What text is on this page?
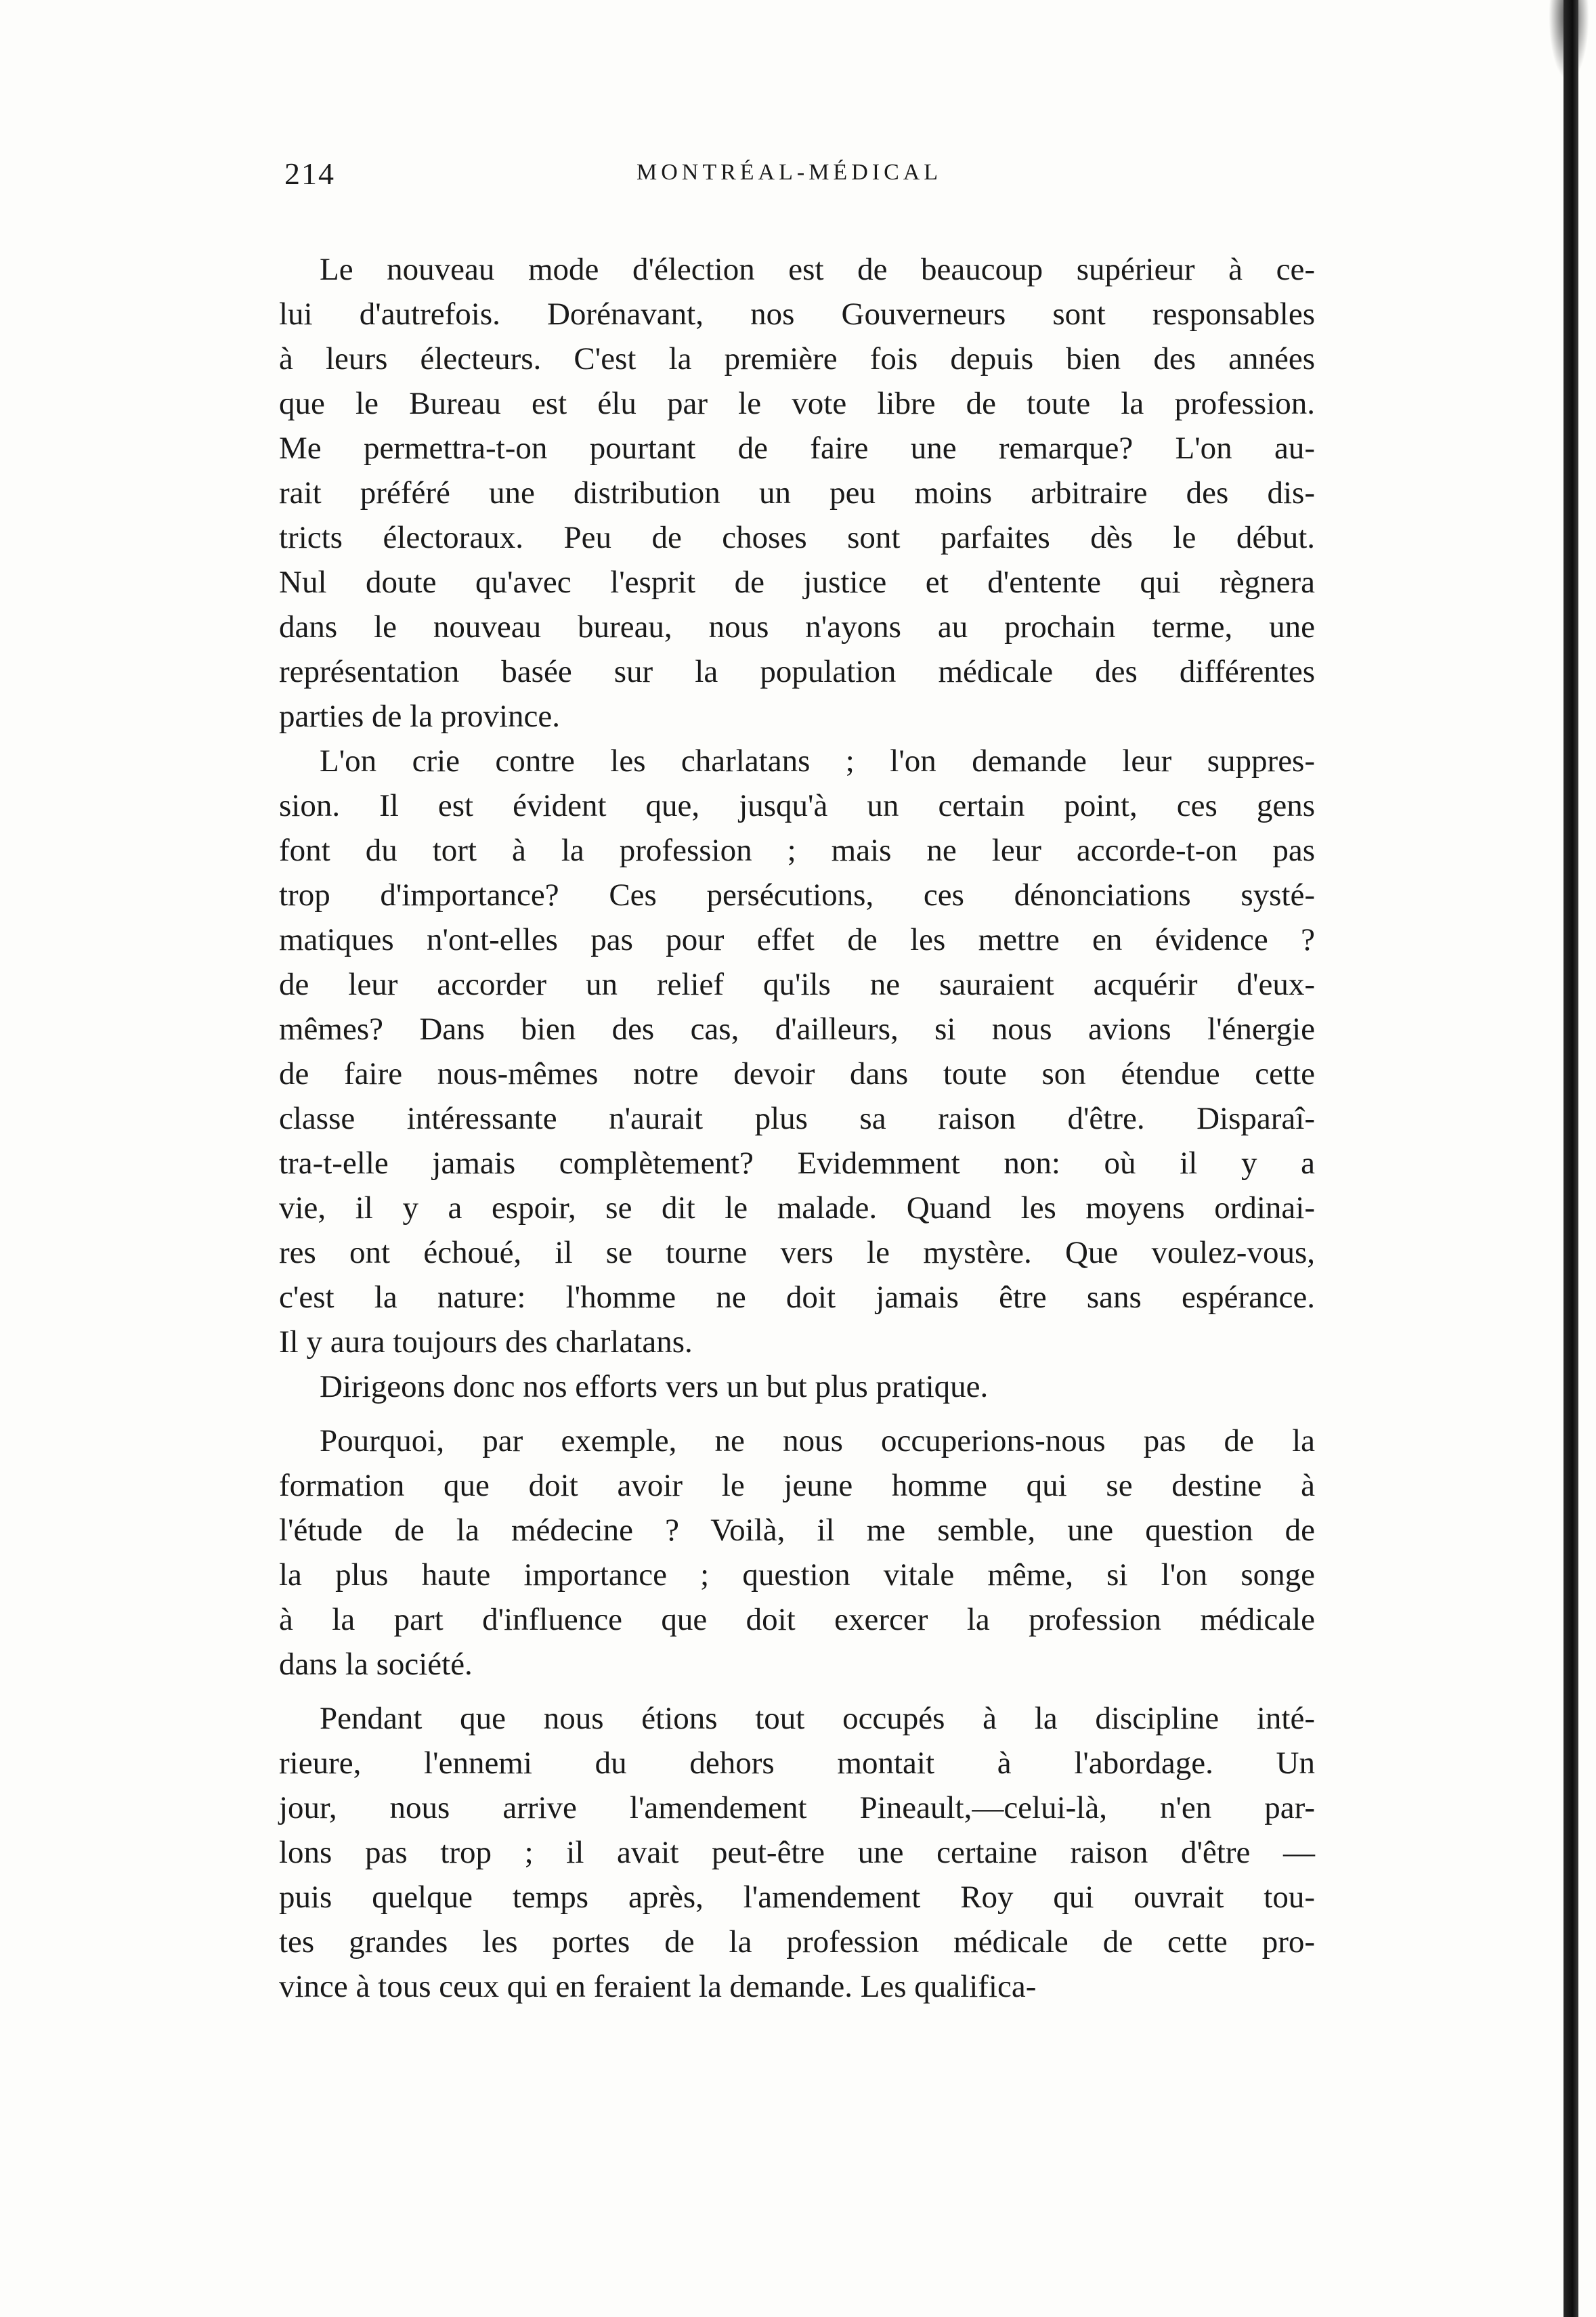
214	MONTRÉAL-MÉDICAL
Le nouveau mode d'élection est de beaucoup supérieur à ce-
lui d'autrefois. Dorénavant, nos Gouverneurs sont responsables
à leurs électeurs. C'est la première fois depuis bien des années
que le Bureau est élu par le vote libre de toute la profession.
Me permettra-t-on pourtant de faire une remarque? L'on au-
rait préféré une distribution un peu moins arbitraire des dis-
tricts électoraux. Peu de choses sont parfaites dès le début.
Nul doute qu'avec l'esprit de justice et d'entente qui règnera
dans le nouveau bureau, nous n'ayons au prochain terme, une
représentation basée sur la population médicale des différentes
parties de la province.
L'on crie contre les charlatans ; l'on demande leur suppres-
sion. Il est évident que, jusqu'à un certain point, ces gens
font du tort à la profession ; mais ne leur accorde-t-on pas
trop d'importance? Ces persécutions, ces dénonciations systé-
matiques n'ont-elles pas pour effet de les mettre en évidence ?
de leur accorder un relief qu'ils ne sauraient acquérir d'eux-
mêmes? Dans bien des cas, d'ailleurs, si nous avions l'énergie
de faire nous-mêmes notre devoir dans toute son étendue cette
classe intéressante n'aurait plus sa raison d'être. Disparaî-
tra-t-elle jamais complètement? Evidemment non: où il y a
vie, il y a espoir, se dit le malade. Quand les moyens ordinai-
res ont échoué, il se tourne vers le mystère. Que voulez-vous,
c'est la nature: l'homme ne doit jamais être sans espérance.
Il y aura toujours des charlatans.
Dirigeons donc nos efforts vers un but plus pratique.
Pourquoi, par exemple, ne nous occuperions-nous pas de la
formation que doit avoir le jeune homme qui se destine à
l'étude de la médecine ? Voilà, il me semble, une question de
la plus haute importance ; question vitale même, si l'on songe
à la part d'influence que doit exercer la profession médicale
dans la société.
Pendant que nous étions tout occupés à la discipline inté-
rieure, l'ennemi du dehors montait à l'abordage. Un
jour, nous arrive l'amendement Pineault,—celui-là, n'en par-
lons pas trop ; il avait peut-être une certaine raison d'être —
puis quelque temps après, l'amendement Roy qui ouvrait tou-
tes grandes les portes de la profession médicale de cette pro-
vince à tous ceux qui en feraient la demande. Les qualifica-
